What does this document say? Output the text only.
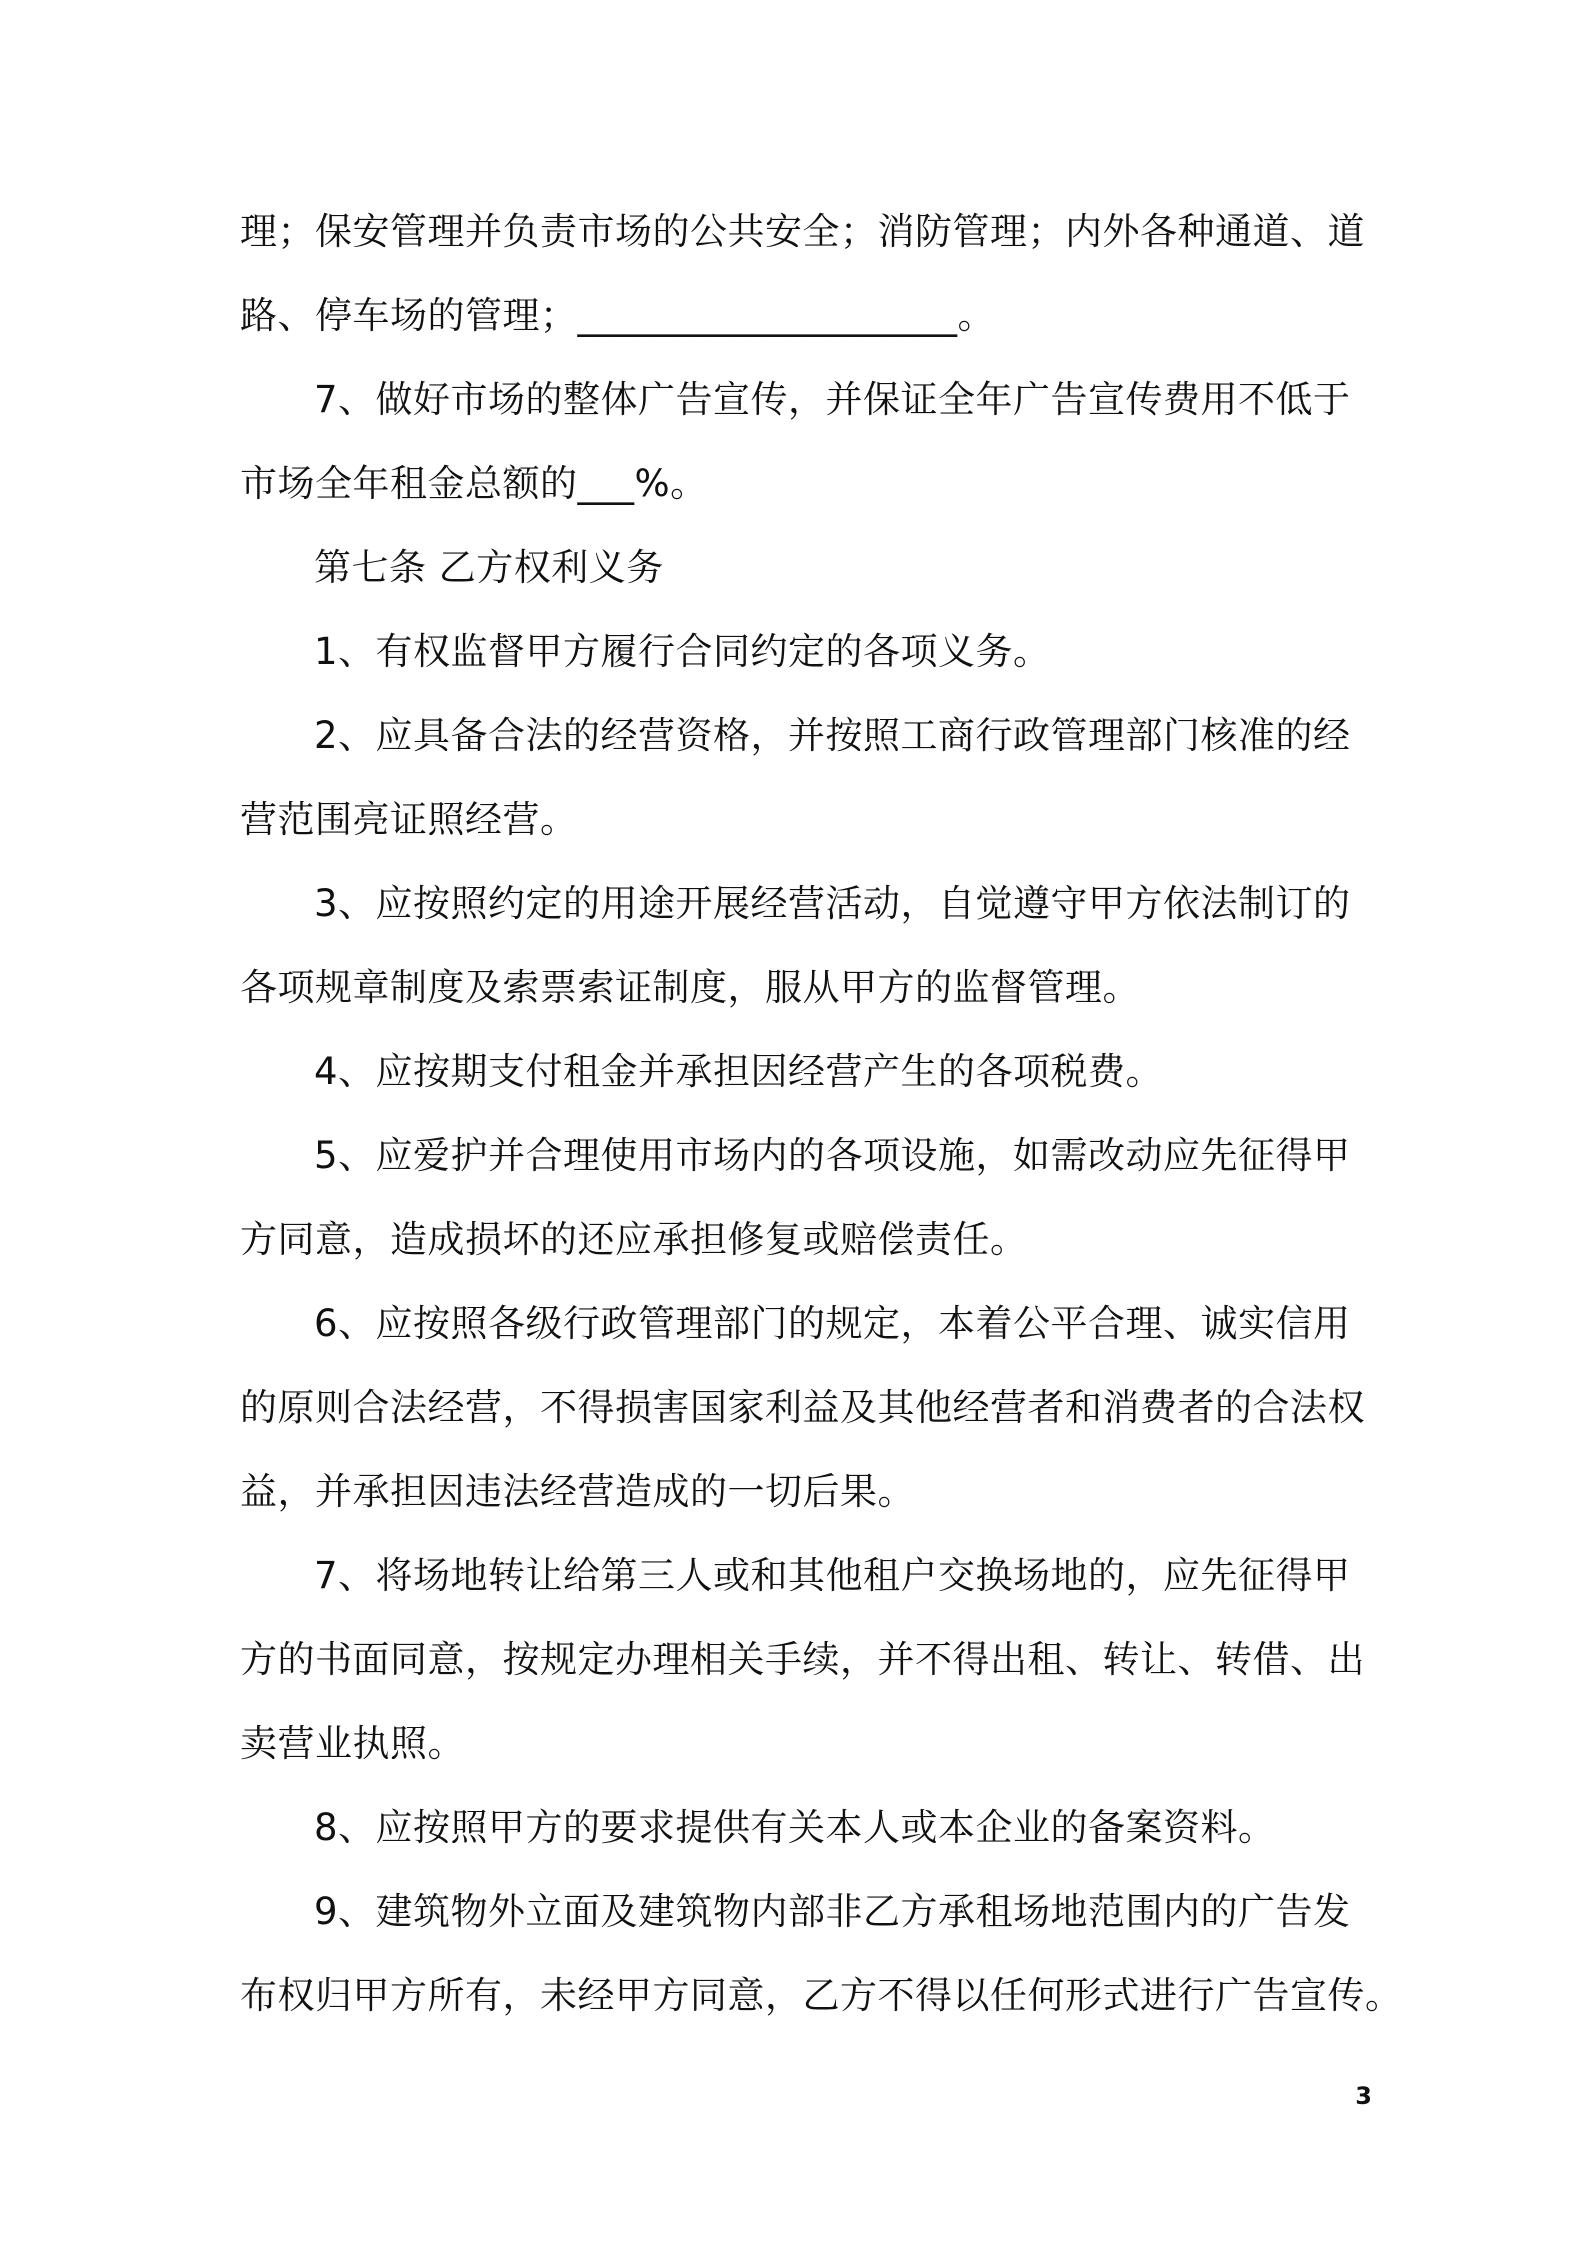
理；保安管理并负责市场的公共安全；消防管理；内外各种通道、道
路、停车场的管理；____________________。
7、做好市场的整体广告宣传，并保证全年广告宣传费用不低于
市场全年租金总额的___%。
第七条 乙方权利义务
1、有权监督甲方履行合同约定的各项义务。
2、应具备合法的经营资格，并按照工商行政管理部门核准的经
营范围亮证照经营。
3、应按照约定的用途开展经营活动，自觉遵守甲方依法制订的
各项规章制度及索票索证制度，服从甲方的监督管理。
4、应按期支付租金并承担因经营产生的各项税费。
5、应爱护并合理使用市场内的各项设施，如需改动应先征得甲
方同意，造成损坏的还应承担修复或赔偿责任。
6、应按照各级行政管理部门的规定，本着公平合理、诚实信用
的原则合法经营，不得损害国家利益及其他经营者和消费者的合法权
益，并承担因违法经营造成的一切后果。
7、将场地转让给第三人或和其他租户交换场地的，应先征得甲
方的书面同意，按规定办理相关手续，并不得出租、转让、转借、出
卖营业执照。
8、应按照甲方的要求提供有关本人或本企业的备案资料。
9、建筑物外立面及建筑物内部非乙方承租场地范围内的广告发
布权归甲方所有，未经甲方同意，乙方不得以任何形式进行广告宣传。
3
